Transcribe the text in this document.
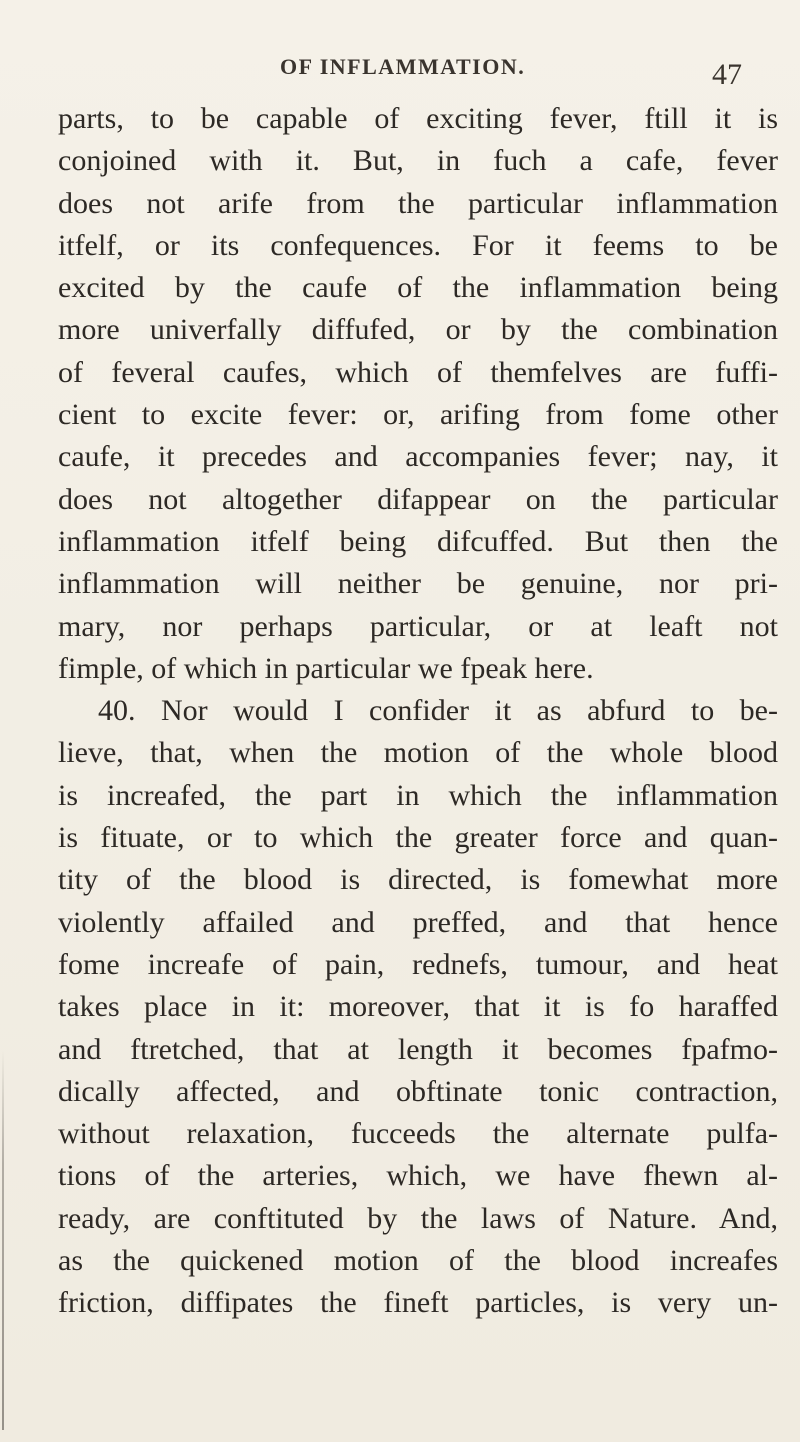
OF INFLAMMATION.	47
parts, to be capable of exciting fever, ftill it is
conjoined with it. But, in fuch a cafe, fever
does not arife from the particular inflammation
itfelf, or its confequences. For it feems to be
excited by the caufe of the inflammation being
more univerfally diffufed, or by the combination
of feveral caufes, which of themfelves are fuffi-
cient to excite fever: or, arifing from fome other
caufe, it precedes and accompanies fever; nay, it
does not altogether difappear on the particular
inflammation itfelf being difcuffed. But then the
inflammation will neither be genuine, nor pri-
mary, nor perhaps particular, or at leaft not
fimple, of which in particular we fpeak here.
40. Nor would I confider it as abfurd to be-
lieve, that, when the motion of the whole blood
is increafed, the part in which the inflammation
is fituate, or to which the greater force and quan-
tity of the blood is directed, is fomewhat more
violently affailed and preffed, and that hence
fome increafe of pain, rednefs, tumour, and heat
takes place in it: moreover, that it is fo haraffed
and ftretched, that at length it becomes fpafmo-
dically affected, and obftinate tonic contraction,
without relaxation, fucceeds the alternate pulfa-
tions of the arteries, which, we have fhewn al-
ready, are conftituted by the laws of Nature. And,
as the quickened motion of the blood increafes
friction, diffipates the fineft particles, is very un-
